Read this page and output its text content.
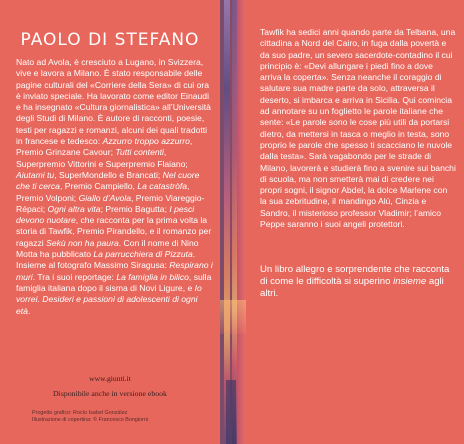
PAOLO DI STEFANO

Nato ad Avola, è cresciuto a Lugano, in Svizzera, vive e lavora a Milano. È stato responsabile delle pagine culturali del «Corriere della Sera» di cui ora è inviato speciale. Ha lavorato come editor Einaudi e ha insegnato «Cultura giornalistica» all’Università degli Studi di Milano. È autore di racconti, poesie, testi per ragazzi e romanzi, alcuni dei quali tradotti in francese e tedesco: Azzurro troppo azzurro, Premio Grinzane Cavour; Tutti contenti, Superpremio Vittorini e Superpremio Flaiano; Aiutami tu, SuperMondello e Brancati; Nel cuore che ti cerca, Premio Campiello, La catastròfa, Premio Volponi; Giallo d’Avola, Premio Viareggio-Répaci; Ogni altra vita; Premio Bagutta; I pesci devono nuotare, che racconta per la prima volta la storia di Tawfik, Premio Pirandello, e il romanzo per ragazzi Sekù non ha paura. Con il nome di Nino Motta ha pubblicato La parrucchiera di Pizzuta. Insieme al fotografo Massimo Siragusa: Respirano i muri. Tra i suoi reportage: La famiglia in bilico, sulla famiglia italiana dopo il sisma di Novi Ligure, e Io vorrei. Desideri e passioni di adolescenti di ogni età.

www.giunti.it
Disponibile anche in versione ebook
Progetto grafico: Rocío Isabel González
Illustrazione di copertina: © Francesco Bongiorni

Tawfik ha sedici anni quando parte da Telbana, una cittadina a Nord del Cairo, in fuga dalla povertà e da suo padre, un severo sacerdote-contadino il cui principio è: «Devi allungare i piedi fino a dove arriva la coperta». Senza neanche il coraggio di salutare sua madre parte da solo, attraversa il deserto, si imbarca e arriva in Sicilia. Qui comincia ad annotare su un foglietto le parole italiane che sente: «Le parole sono le cose più utili da portarsi dietro, da mettersi in tasca o meglio in testa, sono proprio le parole che spesso ti scacciano le nuvole dalla testa». Sarà vagabondo per le strade di Milano, lavorerà e studierà fino a svenire sui banchi di scuola, ma non smetterà mai di credere nei propri sogni, il signor Abdel, la dolce Marlene con la sua zebritudine, il mandingo Alù, Cinzia e Sandro, il misterioso professor Vladimir; l’amico Peppe saranno i suoi angeli protettori.

Un libro allegro e sorprendente che racconta di come le difficoltà si superino insieme agli altri.
